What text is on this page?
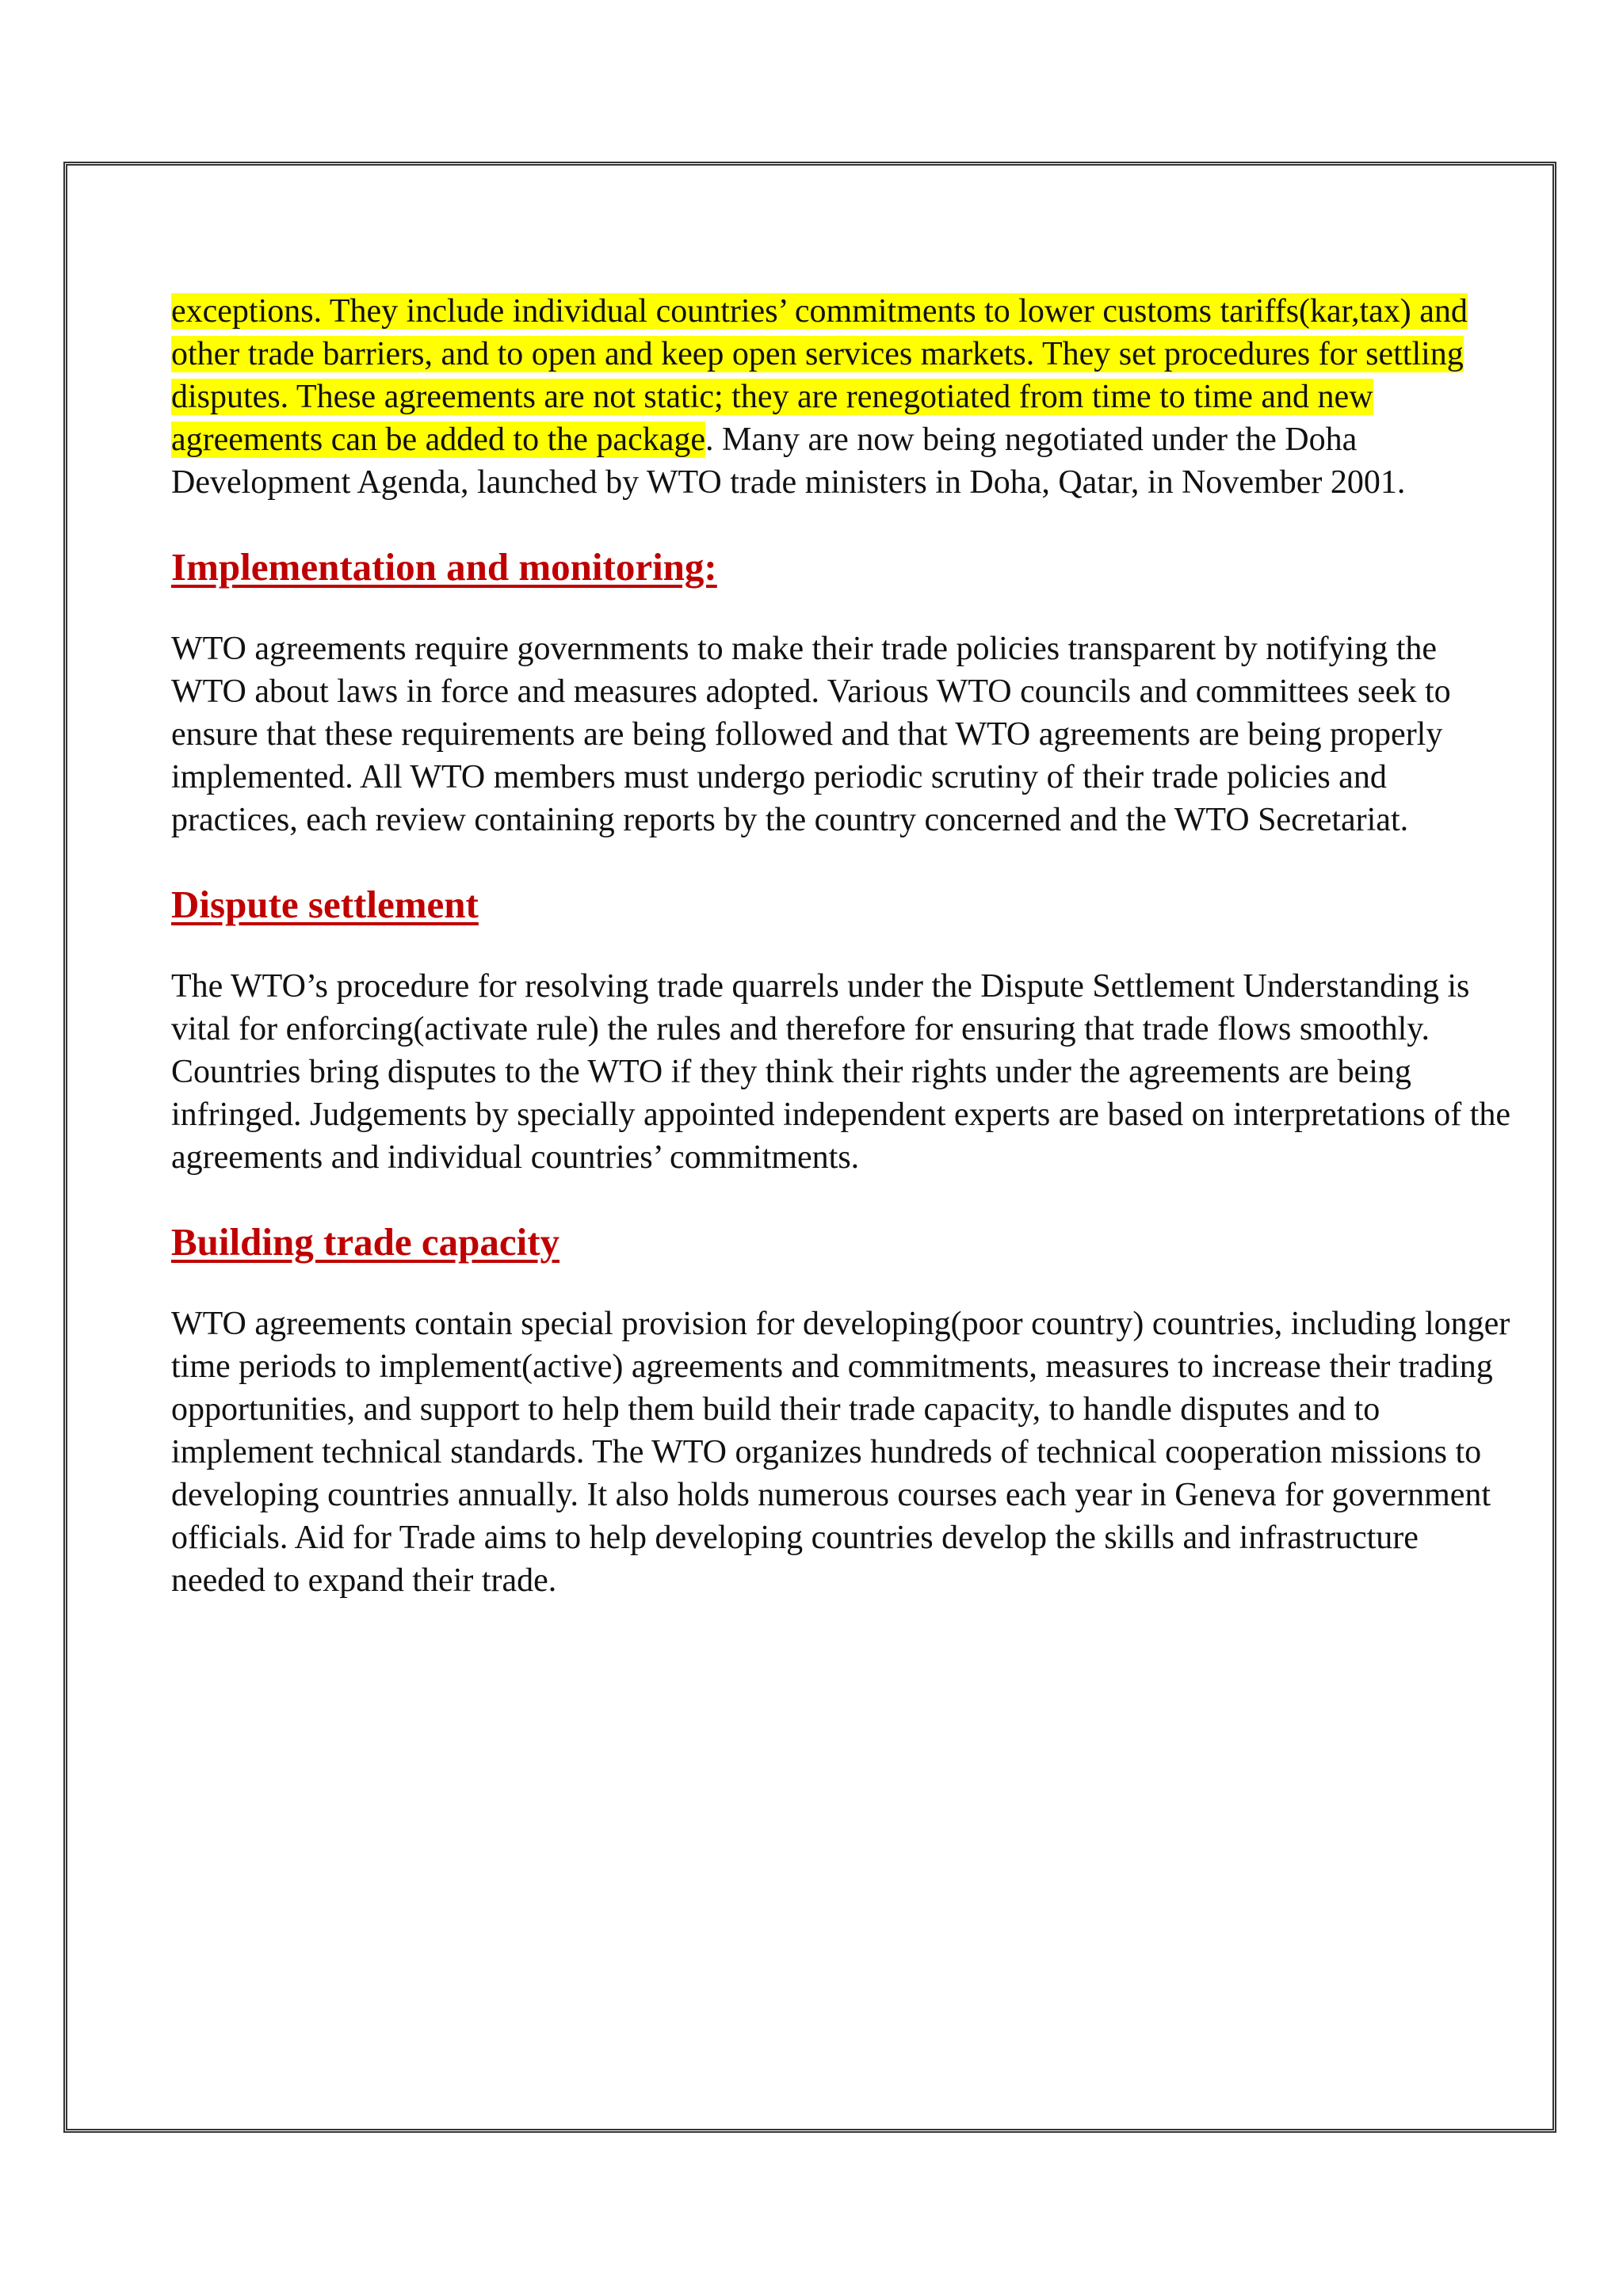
exceptions. They include individual countries’ commitments to lower customs tariffs(kar,tax) and other trade barriers, and to open and keep open services markets. They set procedures for settling disputes. These agreements are not static; they are renegotiated from time to time and new agreements can be added to the package. Many are now being negotiated under the Doha Development Agenda, launched by WTO trade ministers in Doha, Qatar, in November 2001.

Implementation and monitoring:

WTO agreements require governments to make their trade policies transparent by notifying the WTO about laws in force and measures adopted. Various WTO councils and committees seek to ensure that these requirements are being followed and that WTO agreements are being properly implemented. All WTO members must undergo periodic scrutiny of their trade policies and practices, each review containing reports by the country concerned and the WTO Secretariat.

Dispute settlement

The WTO’s procedure for resolving trade quarrels under the Dispute Settlement Understanding is vital for enforcing(activate rule) the rules and therefore for ensuring that trade flows smoothly. Countries bring disputes to the WTO if they think their rights under the agreements are being infringed. Judgements by specially appointed independent experts are based on interpretations of the agreements and individual countries’ commitments.

Building trade capacity

WTO agreements contain special provision for developing(poor country) countries, including longer time periods to implement(active) agreements and commitments, measures to increase their trading opportunities, and support to help them build their trade capacity, to handle disputes and to implement technical standards. The WTO organizes hundreds of technical cooperation missions to developing countries annually. It also holds numerous courses each year in Geneva for government officials. Aid for Trade aims to help developing countries develop the skills and infrastructure needed to expand their trade.
